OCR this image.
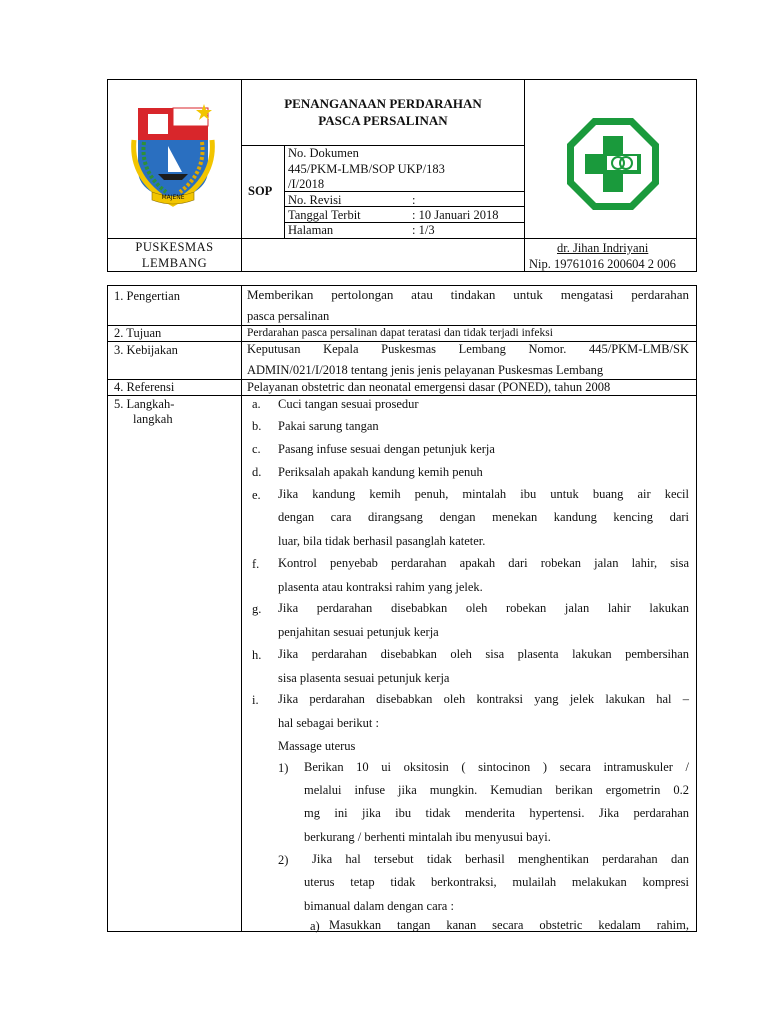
MAJENE
PENANGANAAN PERDARAHAN
PASCA PERSALINAN
SOP
No. Dokumen
445/PKM-LMB/SOP UKP/183
/I/2018
No. Revisi	:
Tanggal Terbit	: 10 Januari 2018
Halaman	: 1/3
PUSKESMAS
LEMBANG
dr. Jihan Indriyani
Nip. 19761016 200604 2 006
1. Pengertian	Memberikan pertolongan atau tindakan untuk mengatasi perdarahan
pasca persalinan
2. Tujuan	Perdarahan pasca persalinan dapat teratasi dan tidak terjadi infeksi
3. Kebijakan	Keputusan Kepala Puskesmas Lembang Nomor. 445/PKM-LMB/SK
ADMIN/021/I/2018 tentang jenis jenis pelayanan Puskesmas Lembang
4. Referensi	Pelayanan obstetric dan neonatal emergensi dasar (PONED), tahun 2008
5. Langkah-
langkah
a. Cuci tangan sesuai prosedur
b. Pakai sarung tangan
c. Pasang infuse sesuai dengan petunjuk kerja
d. Periksalah apakah kandung kemih penuh
e. Jika kandung kemih penuh, mintalah ibu untuk buang air kecil
dengan cara dirangsang dengan menekan kandung kencing dari
luar, bila tidak berhasil pasanglah kateter.
f. Kontrol penyebab perdarahan apakah dari robekan jalan lahir, sisa
plasenta atau kontraksi rahim yang jelek.
g. Jika perdarahan disebabkan oleh robekan jalan lahir lakukan
penjahitan sesuai petunjuk kerja
h. Jika perdarahan disebabkan oleh sisa plasenta lakukan pembersihan
sisa plasenta sesuai petunjuk kerja
i. Jika perdarahan disebabkan oleh kontraksi yang jelek lakukan hal –
hal sebagai berikut :
Massage uterus
1) Berikan 10 ui oksitosin ( sintocinon ) secara intramuskuler /
melalui infuse jika mungkin. Kemudian berikan ergometrin 0.2
mg ini jika ibu tidak menderita hypertensi. Jika perdarahan
berkurang / berhenti mintalah ibu menyusui bayi.
2) Jika hal tersebut tidak berhasil menghentikan perdarahan dan
uterus tetap tidak berkontraksi, mulailah melakukan kompresi
bimanual dalam dengan cara :
a) Masukkan tangan kanan secara obstetric kedalam rahim,
